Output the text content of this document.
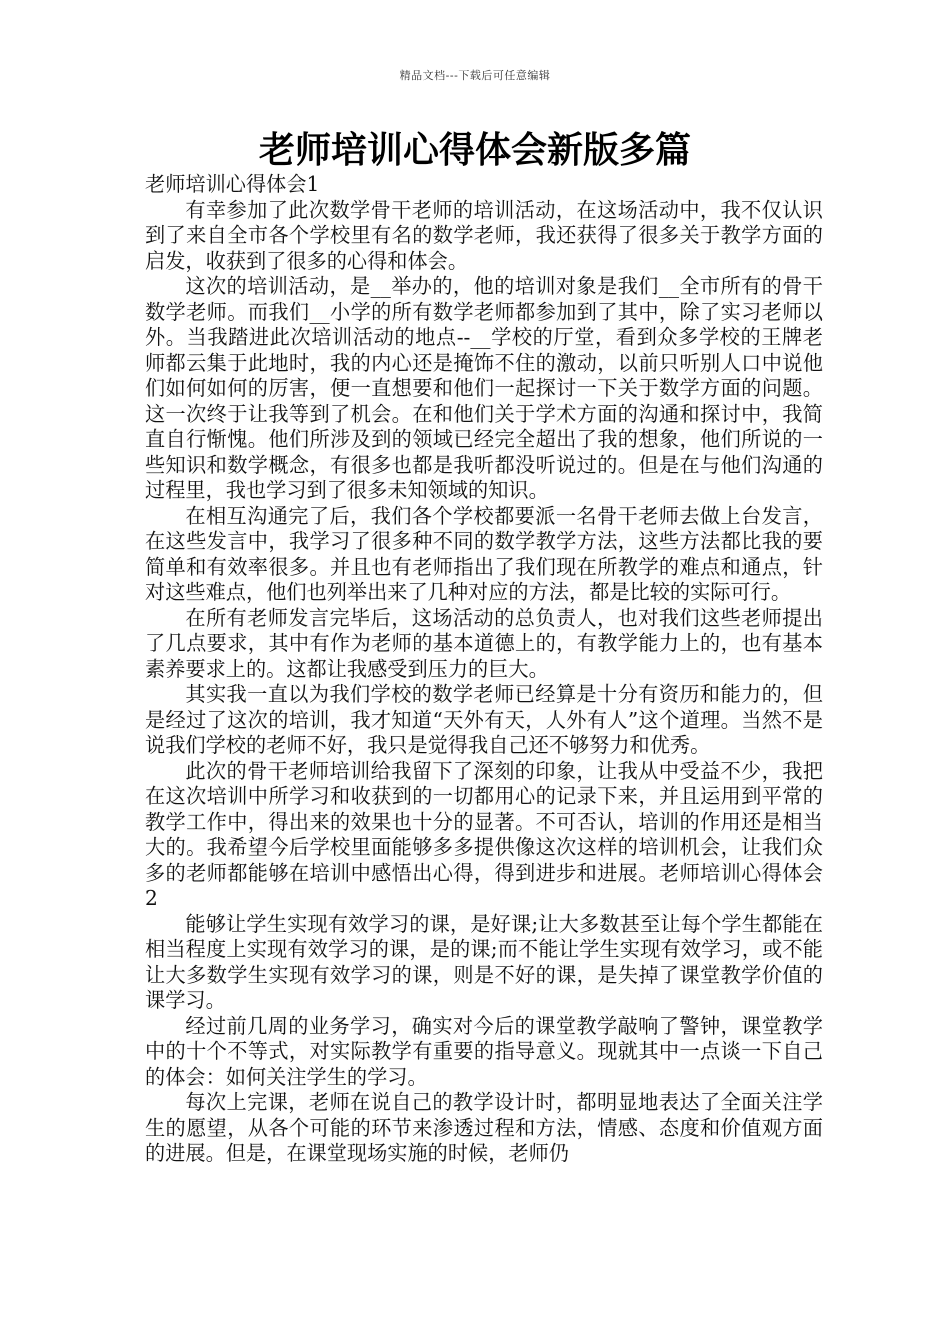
精品文档---下载后可任意编辑
老师培训心得体会新版多篇

老师培训心得体会1

有幸参加了此次数学骨干老师的培训活动，在这场活动中，我不仅认识到了来自全市各个学校里有名的数学老师，我还获得了很多关于教学方面的启发，收获到了很多的心得和体会。

这次的培训活动，是__举办的，他的培训对象是我们__全市所有的骨干数学老师。而我们__小学的所有数学老师都参加到了其中，除了实习老师以外。当我踏进此次培训活动的地点--__学校的厅堂，看到众多学校的王牌老师都云集于此地时，我的内心还是掩饰不住的激动，以前只听别人口中说他们如何如何的厉害，便一直想要和他们一起探讨一下关于数学方面的问题。这一次终于让我等到了机会。在和他们关于学术方面的沟通和探讨中，我简直自行惭愧。他们所涉及到的领域已经完全超出了我的想象，他们所说的一些知识和数学概念，有很多也都是我听都没听说过的。但是在与他们沟通的过程里，我也学习到了很多未知领域的知识。

在相互沟通完了后，我们各个学校都要派一名骨干老师去做上台发言，在这些发言中，我学习了很多种不同的数学教学方法，这些方法都比我的要简单和有效率很多。并且也有老师指出了我们现在所教学的难点和通点，针对这些难点，他们也列举出来了几种对应的方法，都是比较的实际可行。

在所有老师发言完毕后，这场活动的总负责人，也对我们这些老师提出了几点要求，其中有作为老师的基本道德上的，有教学能力上的，也有基本素养要求上的。这都让我感受到压力的巨大。

其实我一直以为我们学校的数学老师已经算是十分有资历和能力的，但是经过了这次的培训，我才知道“天外有天，人外有人”这个道理。当然不是说我们学校的老师不好，我只是觉得我自己还不够努力和优秀。

此次的骨干老师培训给我留下了深刻的印象，让我从中受益不少，我把在这次培训中所学习和收获到的一切都用心的记录下来，并且运用到平常的教学工作中，得出来的效果也十分的显著。不可否认，培训的作用还是相当大的。我希望今后学校里面能够多多提供像这次这样的培训机会，让我们众多的老师都能够在培训中感悟出心得，得到进步和进展。老师培训心得体会2

能够让学生实现有效学习的课，是好课;让大多数甚至让每个学生都能在相当程度上实现有效学习的课，是的课;而不能让学生实现有效学习，或不能让大多数学生实现有效学习的课，则是不好的课，是失掉了课堂教学价值的课学习。

经过前几周的业务学习，确实对今后的课堂教学敲响了警钟，课堂教学中的十个不等式，对实际教学有重要的指导意义。现就其中一点谈一下自己的体会：如何关注学生的学习。

每次上完课，老师在说自己的教学设计时，都明显地表达了全面关注学生的愿望，从各个可能的环节来渗透过程和方法，情感、态度和价值观方面的进展。但是，在课堂现场实施的时候，老师仍
